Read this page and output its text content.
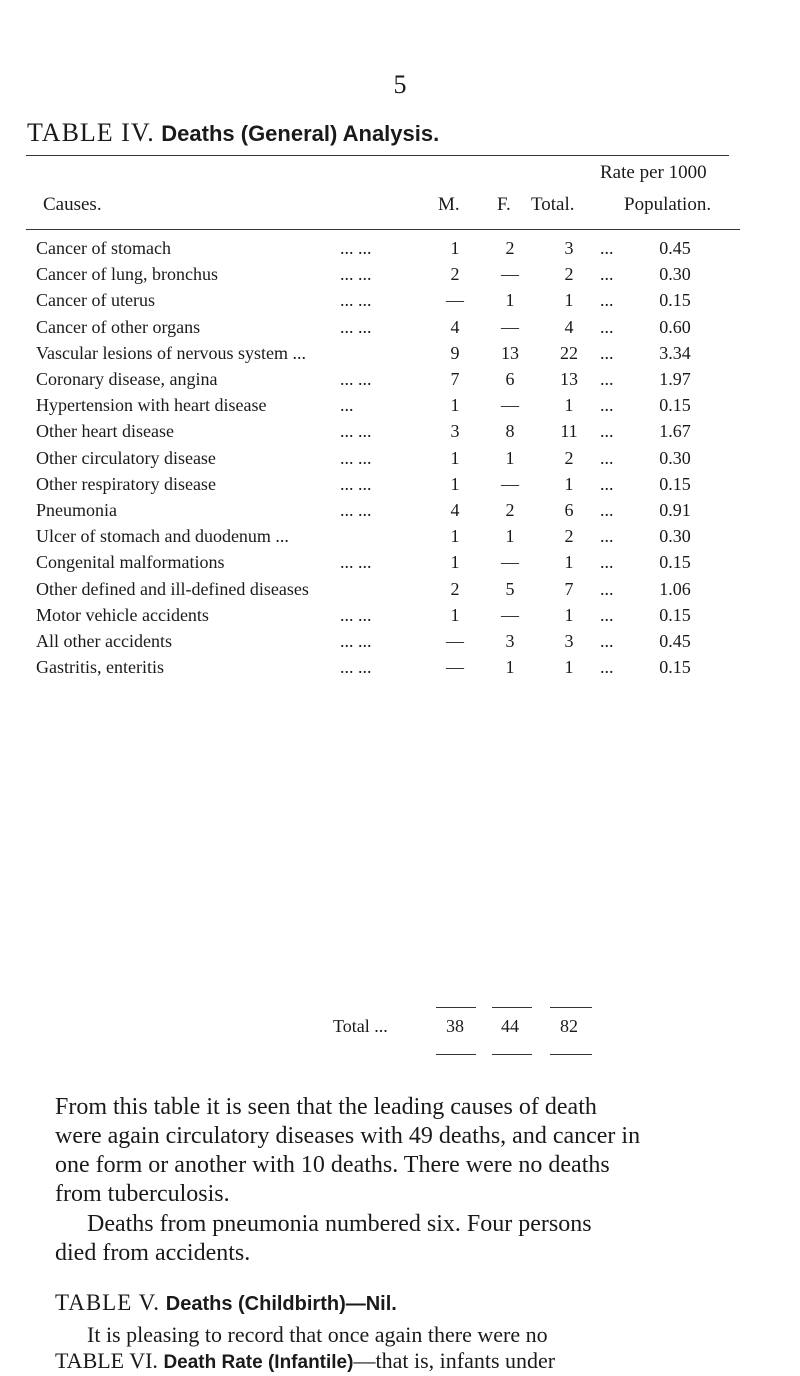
5
TABLE IV. Deaths (General) Analysis.
Rate per 1000
Causes.	M. F. Total.	Population.
Cancer of stomach	1	2	3	...	0.45
... ...
Cancer of lung, bronchus	2	—	2	...	0.30
... ...
Cancer of uterus	—	1	1	...	0.15
... ...
Cancer of other organs	4	—	4	...	0.60
... ...
Vascular lesions of nervous system ...	9	13	22	...	3.34
Coronary disease, angina	7	6	13	...	1.97
... ...
Hypertension with heart disease	1	—	1	...	0.15
...
Other heart disease	3	8	11	...	1.67
... ...
Other circulatory disease	1	1	2	...	0.30
... ...
Other respiratory disease	1	—	1	...	0.15
... ...
Pneumonia	4	2	6	...	0.91
... ...
Ulcer of stomach and duodenum ...	1	1	2	...	0.30
Congenital malformations	1	—	1	...	0.15
... ...
Other defined and ill-defined diseases	2	5	7	...	1.06
Motor vehicle accidents	1	—	1	...	0.15
... ...
All other accidents	—	3	3	...	0.45
... ...
Gastritis, enteritis	—	1	1	...	0.15
... ...
Total ...	38	44	82
From this table it is seen that the leading causes of death
were again circulatory diseases with 49 deaths, and cancer in
one form or another with 10 deaths. There were no deaths
from tuberculosis.
Deaths from pneumonia numbered six. Four persons
died from accidents.
TABLE V. Deaths (Childbirth)—Nil.
It is pleasing to record that once again there were no
TABLE VI. Death Rate (Infantile)—that is, infants under
